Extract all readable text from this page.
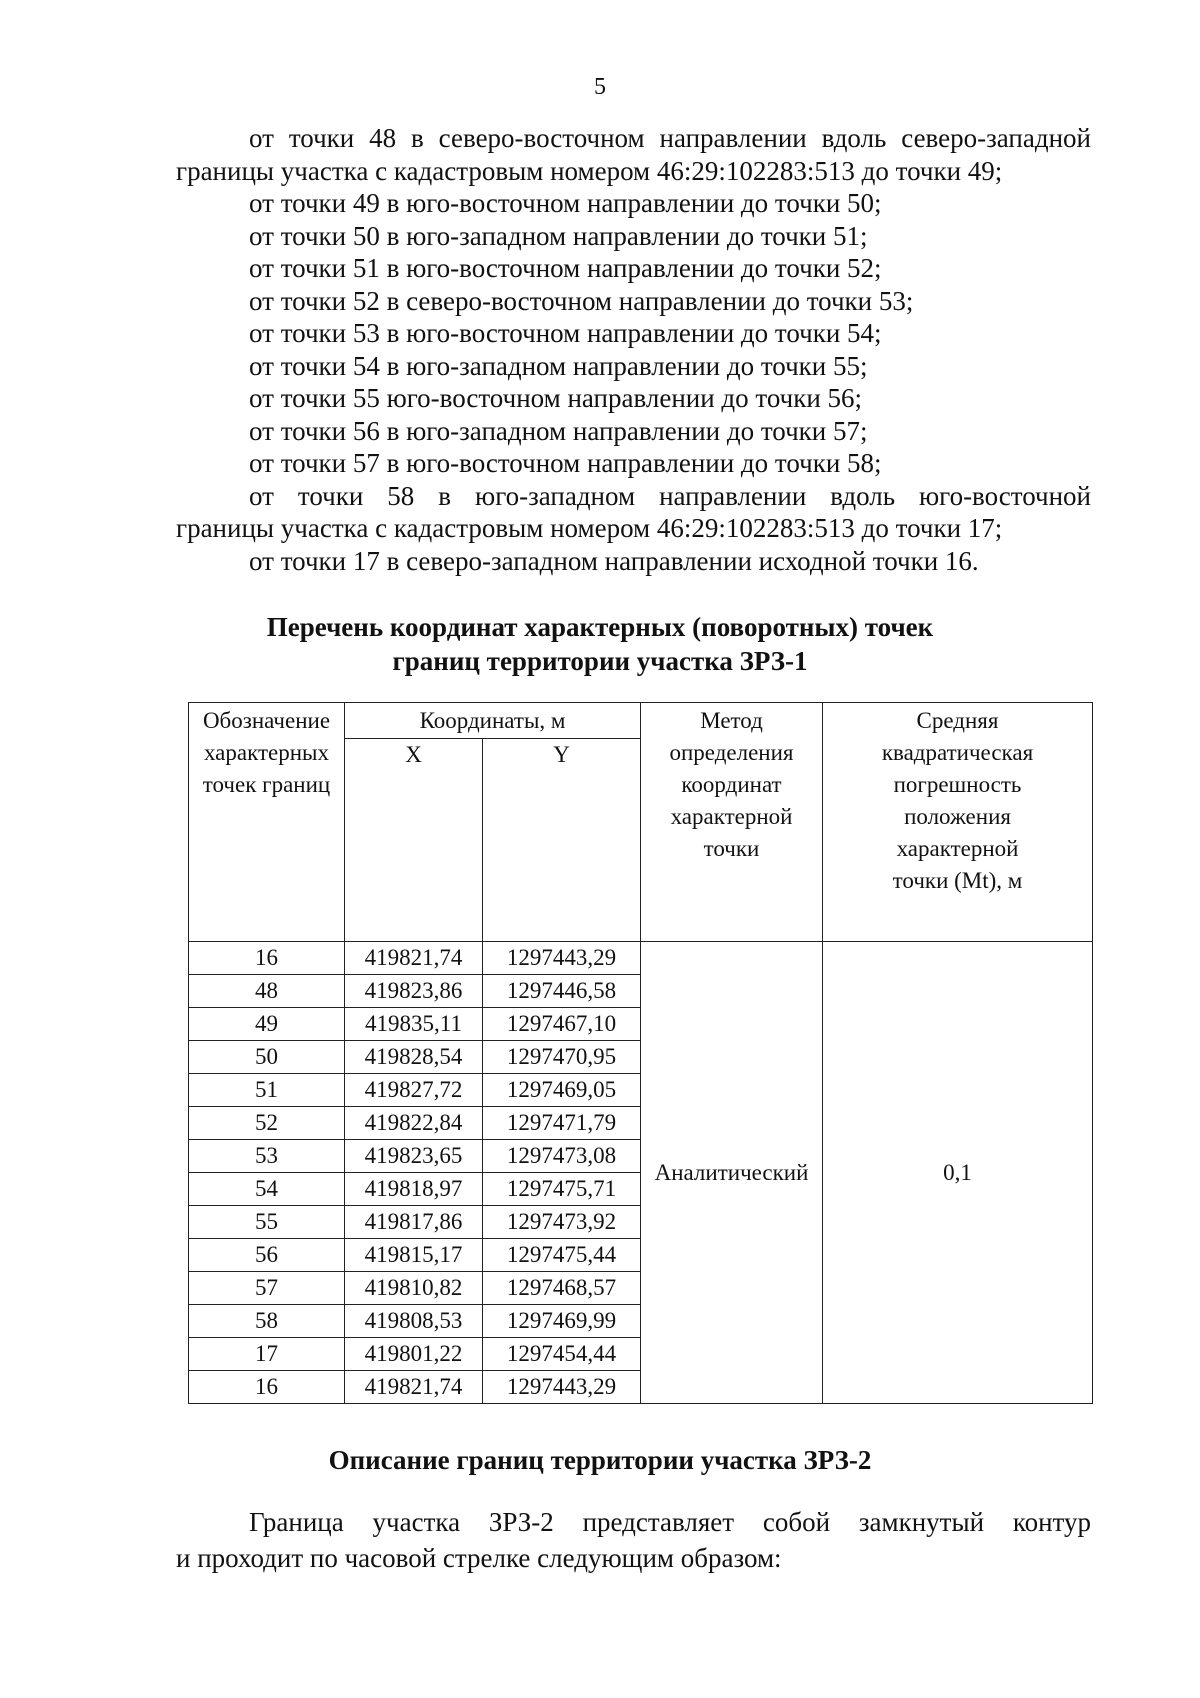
5
от точки 48 в северо-восточном направлении вдоль северо-западной
границы участка с кадастровым номером 46:29:102283:513 до точки 49;
от точки 49 в юго-восточном направлении до точки 50;
от точки 50 в юго-западном направлении до точки 51;
от точки 51 в юго-восточном направлении до точки 52;
от точки 52 в северо-восточном направлении до точки 53;
от точки 53 в юго-восточном направлении до точки 54;
от точки 54 в юго-западном направлении до точки 55;
от точки 55 юго-восточном направлении до точки 56;
от точки 56 в юго-западном направлении до точки 57;
от точки 57 в юго-восточном направлении до точки 58;
от точки 58 в юго-западном направлении вдоль юго-восточной
границы участка с кадастровым номером 46:29:102283:513 до точки 17;
от точки 17 в северо-западном направлении исходной точки 16.
Перечень координат характерных (поворотных) точек
границ территории участка ЗРЗ-1
Обозначение характерных точек границ	Координаты, м		Метод определения координат характерной точки	Средняя квадратическая погрешность положения характерной точки (Mt), м

	X	Y		
16	419821,74	1297443,29	Аналитический	0,1
48	419823,86	1297446,58		
49	419835,11	1297467,10		
50	419828,54	1297470,95		
51	419827,72	1297469,05		
52	419822,84	1297471,79		
53	419823,65	1297473,08		
54	419818,97	1297475,71		
55	419817,86	1297473,92		
56	419815,17	1297475,44		
57	419810,82	1297468,57		
58	419808,53	1297469,99		
17	419801,22	1297454,44		
16	419821,74	1297443,29		
Описание границ территории участка ЗРЗ-2
Граница участка ЗРЗ-2 представляет собой замкнутый контур
и проходит по часовой стрелке следующим образом:
